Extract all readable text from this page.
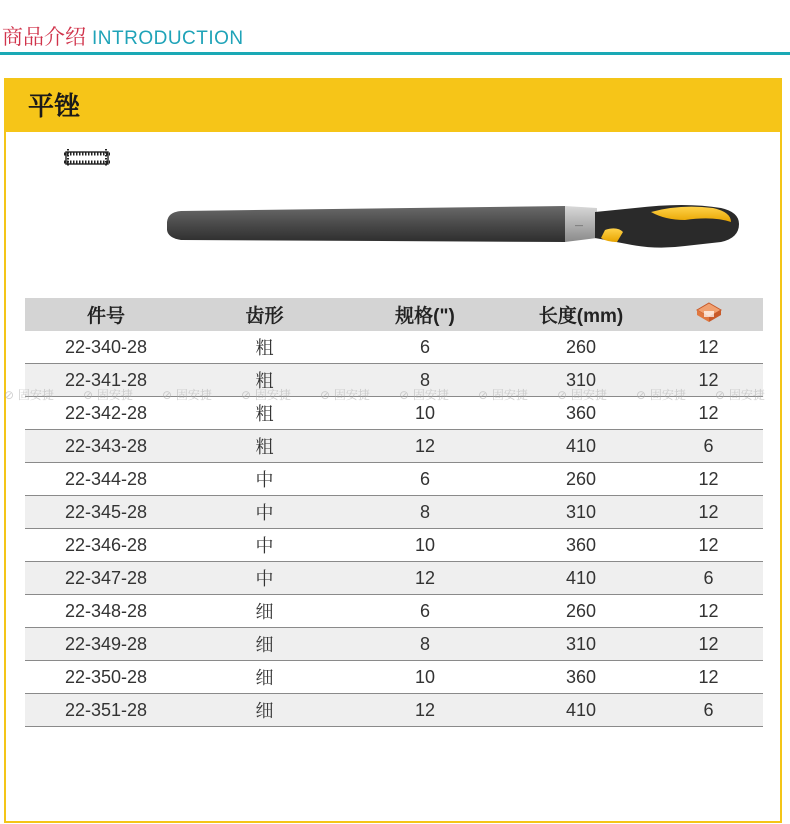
商品介绍 INTRODUCTION
平锉
—
件号	齿形	规格(")	长度(mm)	
22-340-28	粗	6	260	12
22-341-28	粗	8	310	12
22-342-28	粗	10	360	12
22-343-28	粗	12	410	6
22-344-28	中	6	260	12
22-345-28	中	8	310	12
22-346-28	中	10	360	12
22-347-28	中	12	410	6
22-348-28	细	6	260	12
22-349-28	细	8	310	12
22-350-28	细	10	360	12
22-351-28	细	12	410	6
⊘ 固安捷 ⊘ 固安捷 ⊘ 固安捷 ⊘ 固安捷 ⊘ 固安捷 ⊘ 固安捷 ⊘ 固安捷 ⊘ 固安捷 ⊘ 固安捷 ⊘ 固安捷
